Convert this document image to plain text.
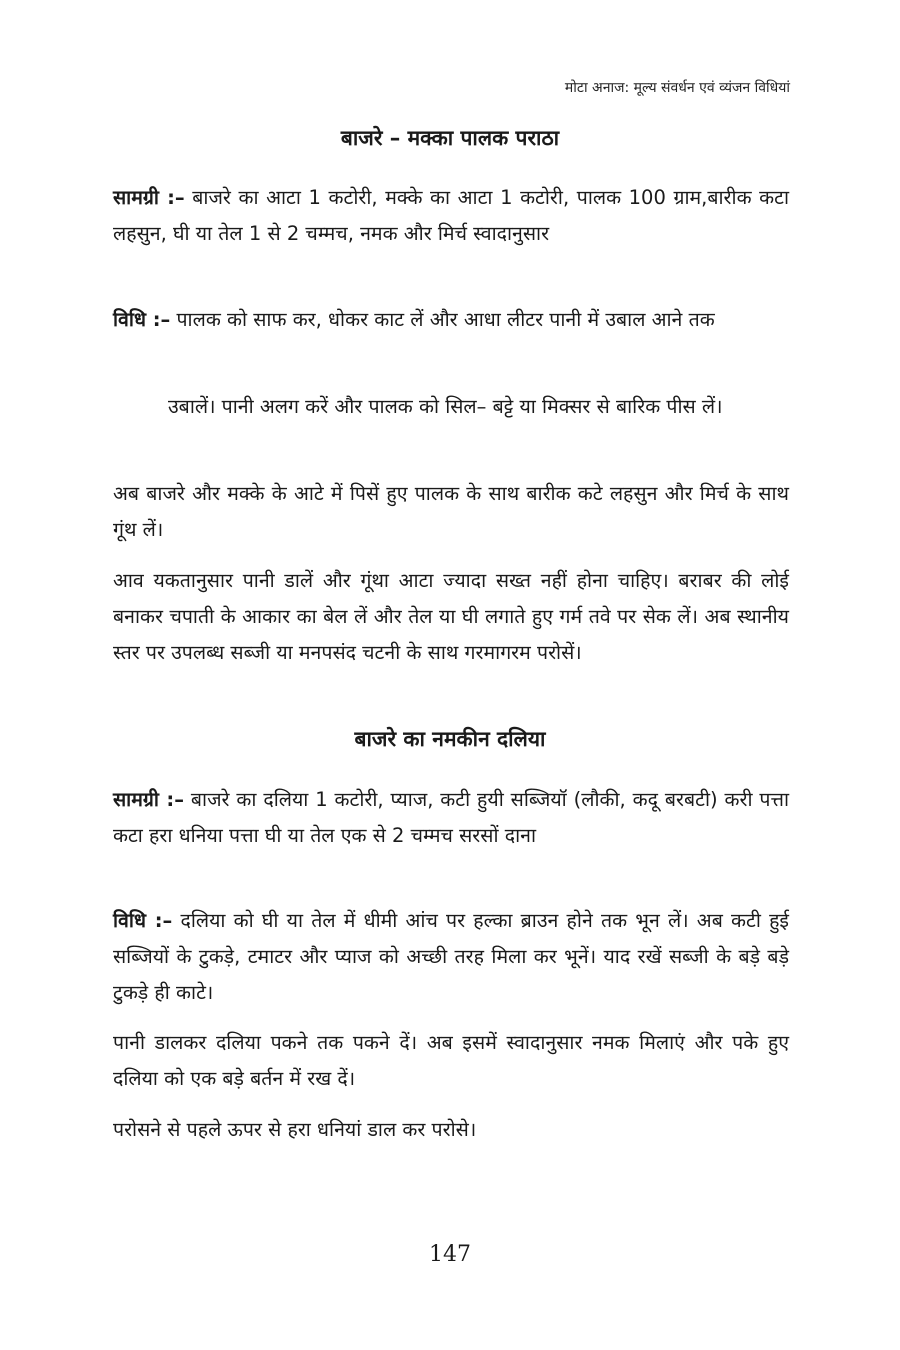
मोटा अनाज: मूल्य संवर्धन एवं व्यंजन विधियां
बाजरे – मक्का पालक पराठा

सामग्री :– बाजरे का आटा 1 कटोरी, मक्के का आटा 1 कटोरी, पालक 100 ग्राम,बारीक कटा लहसुन, घी या तेल 1 से 2 चम्मच, नमक और मिर्च स्वादानुसार

विधि :– पालक को साफ कर, धोकर काट लें और आधा लीटर पानी में उबाल आने तक

उबालें। पानी अलग करें और पालक को सिल– बट्टे या मिक्सर से बारिक पीस लें।

अब बाजरे और मक्के के आटे में पिसें हुए पालक के साथ बारीक कटे लहसुन और मिर्च के साथ गूंथ लें।

आव यकतानुसार पानी डालें और गूंथा आटा ज्यादा सख्त नहीं होना चाहिए। बराबर की लोई बनाकर चपाती के आकार का बेल लें और तेल या घी लगाते हुए गर्म तवे पर सेक लें। अब स्थानीय स्तर पर उपलब्ध सब्जी या मनपसंद चटनी के साथ गरमागरम परोसें।

बाजरे का नमकीन दलिया

सामग्री :– बाजरे का दलिया 1 कटोरी, प्याज, कटी हुयी सब्जियॉ (लौकी, कदू बरबटी) करी पत्ता कटा हरा धनिया पत्ता घी या तेल एक से 2 चम्मच सरसों दाना

विधि :– दलिया को घी या तेल में धीमी आंच पर हल्का ब्राउन होने तक भून लें। अब कटी हुई सब्जियों के टुकड़े, टमाटर और प्याज को अच्छी तरह मिला कर भूनें। याद रखें सब्जी के बड़े बड़े टुकड़े ही काटे।

पानी डालकर दलिया पकने तक पकने दें। अब इसमें स्वादानुसार नमक मिलाएं और पके हुए दलिया को एक बड़े बर्तन में रख दें।

परोसने से पहले ऊपर से हरा धनियां डाल कर परोसे।

147
